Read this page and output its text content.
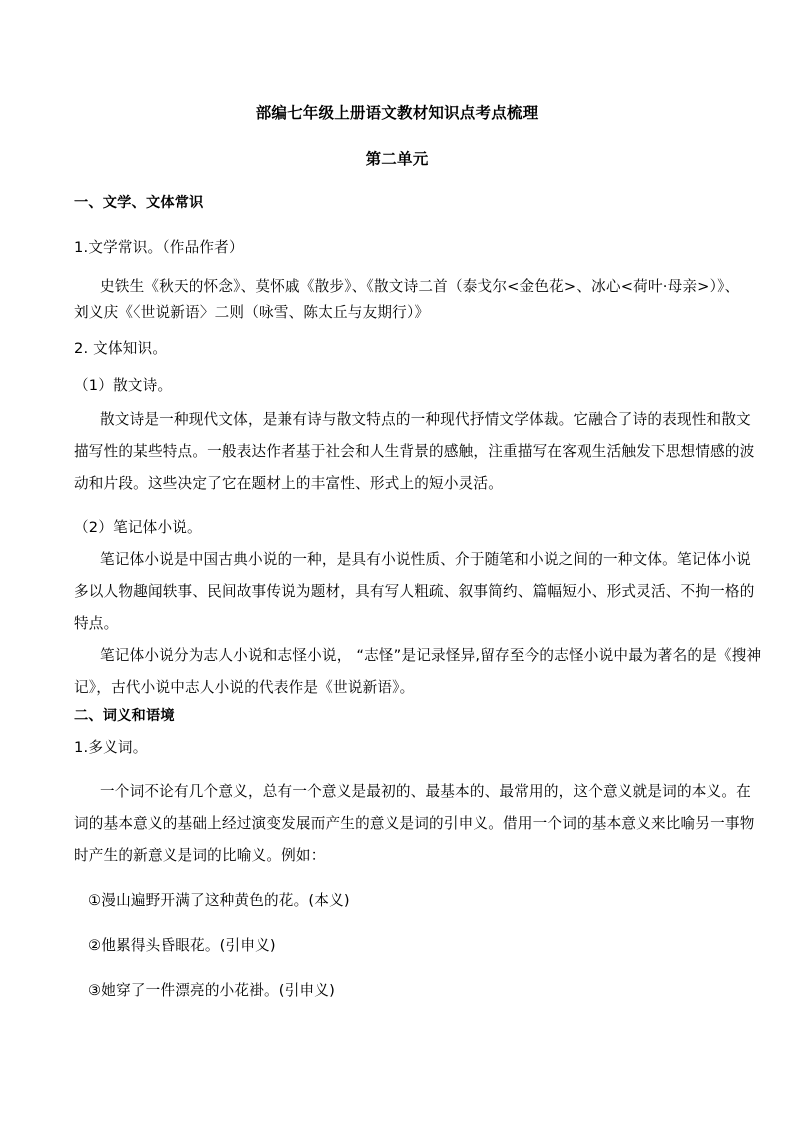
部编七年级上册语文教材知识点考点梳理
第二单元
一、文学、文体常识
1.文学常识。（作品作者）
史铁生《秋天的怀念》、莫怀戚《散步》、《散文诗二首（泰戈尔<金色花>、冰心<荷叶·母亲>）》、
刘义庆《〈世说新语〉二则（咏雪、陈太丘与友期行）》
2. 文体知识。
（1）散文诗。
散文诗是一种现代文体，是兼有诗与散文特点的一种现代抒情文学体裁。它融合了诗的表现性和散文
描写性的某些特点。一般表达作者基于社会和人生背景的感触，注重描写在客观生活触发下思想情感的波
动和片段。这些决定了它在题材上的丰富性、形式上的短小灵活。
（2）笔记体小说。
笔记体小说是中国古典小说的一种，是具有小说性质、介于随笔和小说之间的一种文体。笔记体小说
多以人物趣闻轶事、民间故事传说为题材，具有写人粗疏、叙事简约、篇幅短小、形式灵活、不拘一格的
特点。
笔记体小说分为志人小说和志怪小说， “志怪”是记录怪异,留存至今的志怪小说中最为著名的是《搜神
记》，古代小说中志人小说的代表作是《世说新语》。
二、词义和语境
1.多义词。
一个词不论有几个意义，总有一个意义是最初的、最基本的、最常用的，这个意义就是词的本义。在
词的基本意义的基础上经过演变发展而产生的意义是词的引申义。借用一个词的基本意义来比喻另一事物
时产生的新意义是词的比喻义。例如：
①漫山遍野开满了这种黄色的花。(本义)
②他累得头昏眼花。(引申义)
③她穿了一件漂亮的小花褂。(引申义)
